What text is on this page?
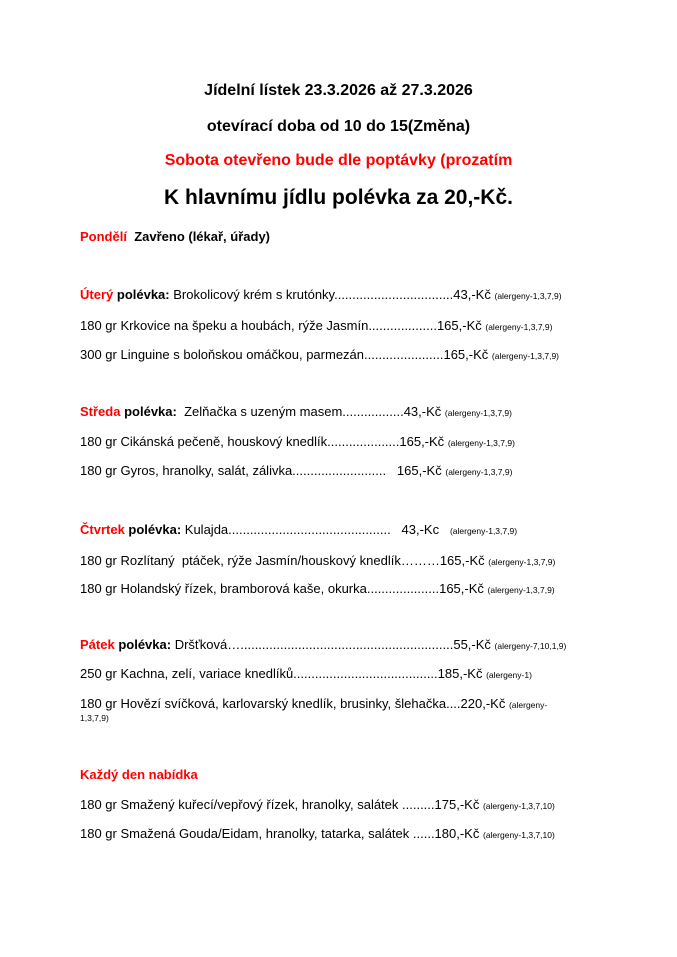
Jídelní lístek 23.3.2026 až 27.3.2026
otevírací doba od 10 do 15(Změna)
Sobota otevřeno bude dle poptávky (prozatím
K hlavnímu jídlu polévka za 20,-Kč.
Pondělí Zavřeno (lékař, úřady)
Úterý polévka: Brokolicový krém s krutónky.................................43,-Kč (alergeny-1,3,7,9)
180 gr Krkovice na špeku a houbách, rýže Jasmín...................165,-Kč (alergeny-1,3,7,9)
300 gr Linguine s boloňskou omáčkou, parmezán......................165,-Kč (alergeny-1,3,7,9)
Středa polévka:  Zelňačka s uzeným masem.................43,-Kč (alergeny-1,3,7,9)
180 gr Cikánská pečeně, houskový knedlík....................165,-Kč (alergeny-1,3,7,9)
180 gr Gyros, hranolky, salát, zálivka..........................   165,-Kč (alergeny-1,3,7,9)
Čtvrtek polévka: Kulajda.............................................   43,-Kc   (alergeny-1,3,7,9)
180 gr Rozlítaný  ptáček, rýže Jasmín/houskový knedlík………165,-Kč (alergeny-1,3,7,9)
180 gr Holandský řízek, bramborová kaše, okurka....................165,-Kč (alergeny-1,3,7,9)
Pátek polévka: Dršťková…...........................................................55,-Kč (alergeny-7,10,1,9)
250 gr Kachna, zelí, variace knedlíků........................................185,-Kč (alergeny-1)
180 gr Hovězí svíčková, karlovarský knedlík, brusinky, šlehačka....220,-Kč (alergeny-
1,3,7,9)
Každý den nabídka
180 gr Smažený kuřecí/vepřový řízek, hranolky, salátek .........175,-Kč (alergeny-1,3,7,10)
180 gr Smažená Gouda/Eidam, hranolky, tatarka, salátek ......180,-Kč (alergeny-1,3,7,10)
